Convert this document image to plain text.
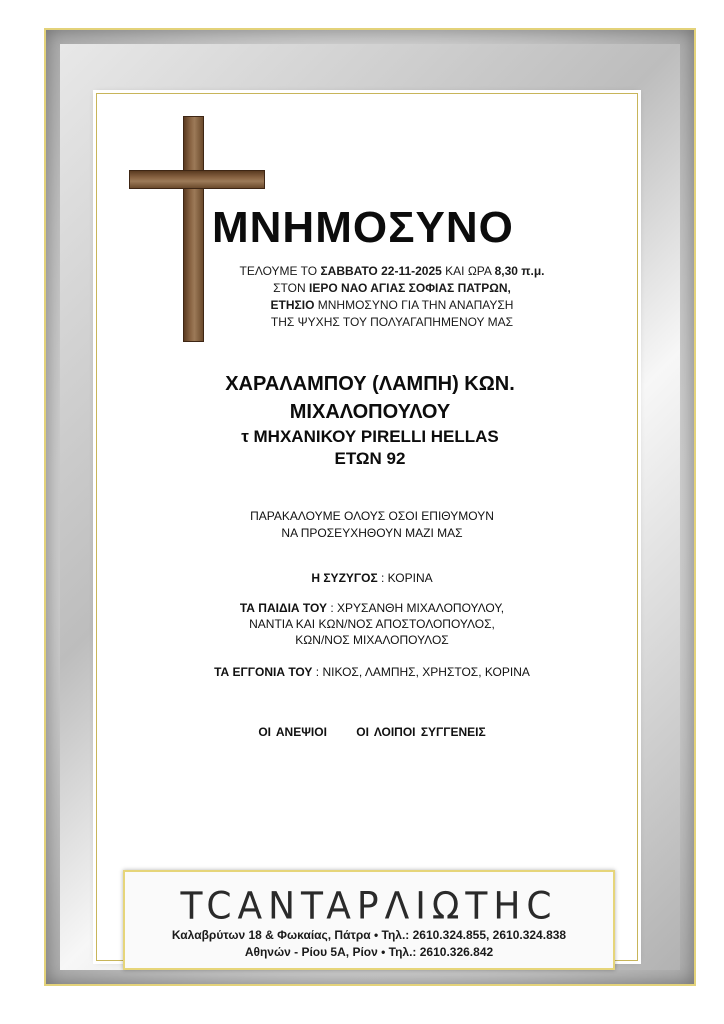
ΜΝΗΜΟΣΥΝΟ
ΤΕΛΟΥΜΕ ΤΟ ΣΑΒΒΑΤΟ 22-11-2025 ΚΑΙ ΩΡΑ 8,30 π.μ.
ΣΤΟΝ ΙΕΡΟ ΝΑΟ ΑΓΙΑΣ ΣΟΦΙΑΣ ΠΑΤΡΩΝ,
ΕΤΗΣΙΟ ΜΝΗΜΟΣΥΝΟ ΓΙΑ ΤΗΝ ΑΝΑΠΑΥΣΗ
ΤΗΣ ΨΥΧΗΣ ΤΟΥ ΠΟΛΥΑΓΑΠΗΜΕΝΟΥ ΜΑΣ
ΧΑΡΑΛΑΜΠΟΥ (ΛΑΜΠΗ) ΚΩΝ.
ΜΙΧΑΛΟΠΟΥΛΟΥ
τ ΜΗΧΑΝΙΚΟΥ PIRELLI HELLAS
ΕΤΩΝ 92
ΠΑΡΑΚΑΛΟΥΜΕ ΟΛΟΥΣ ΟΣΟΙ ΕΠΙΘΥΜΟΥΝ
ΝΑ ΠΡΟΣΕΥΧΗΘΟΥΝ ΜΑΖΙ ΜΑΣ
Η ΣΥΖΥΓΟΣ : ΚΟΡΙΝΑ
ΤΑ ΠΑΙΔΙΑ ΤΟΥ : ΧΡΥΣΑΝΘΗ ΜΙΧΑΛΟΠΟΥΛΟΥ,
ΝΑΝΤΙΑ ΚΑΙ ΚΩΝ/ΝΟΣ ΑΠΟΣΤΟΛΟΠΟΥΛΟΣ,
ΚΩΝ/ΝΟΣ ΜΙΧΑΛΟΠΟΥΛΟΣ
ΤΑ ΕΓΓΟΝΙΑ ΤΟΥ : ΝΙΚΟΣ, ΛΑΜΠΗΣ, ΧΡΗΣΤΟΣ, ΚΟΡΙΝΑ
ΟΙ ΑΝΕΨΙΟΙ ΟΙ ΛΟΙΠΟΙ ΣΥΓΓΕΝΕΙΣ
TCANTAPΛΙΩTHC
Καλαβρύτων 18 & Φωκαίας, Πάτρα • Τηλ.: 2610.324.855, 2610.324.838
Αθηνών - Ρίου 5Α, Ρίον • Τηλ.: 2610.326.842
